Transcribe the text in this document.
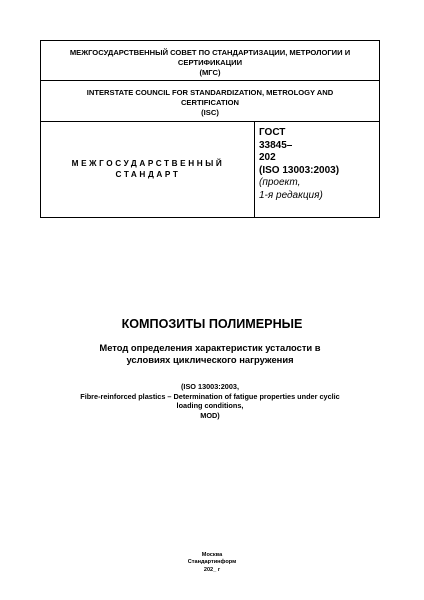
МЕЖГОСУДАРСТВЕННЫЙ СОВЕТ ПО СТАНДАРТИЗАЦИИ, МЕТРОЛОГИИ И
СЕРТИФИКАЦИИ
(МГС)
INTERSTATE COUNCIL FOR STANDARDIZATION, METROLOGY AND
CERTIFICATION
(ISC)
МЕЖГОСУДАРСТВЕННЫЙ
СТАНДАРТ
ГОСТ
33845–
202
(ISO 13003:2003)
(проект,
1-я редакция)
КОМПОЗИТЫ ПОЛИМЕРНЫЕ
Метод определения характеристик усталости в
условиях циклического нагружения
(ISO 13003:2003,
Fibre-reinforced plastics – Determination of fatigue properties under cyclic
loading conditions,
MOD)
Москва
Стандартинформ
202_ г
